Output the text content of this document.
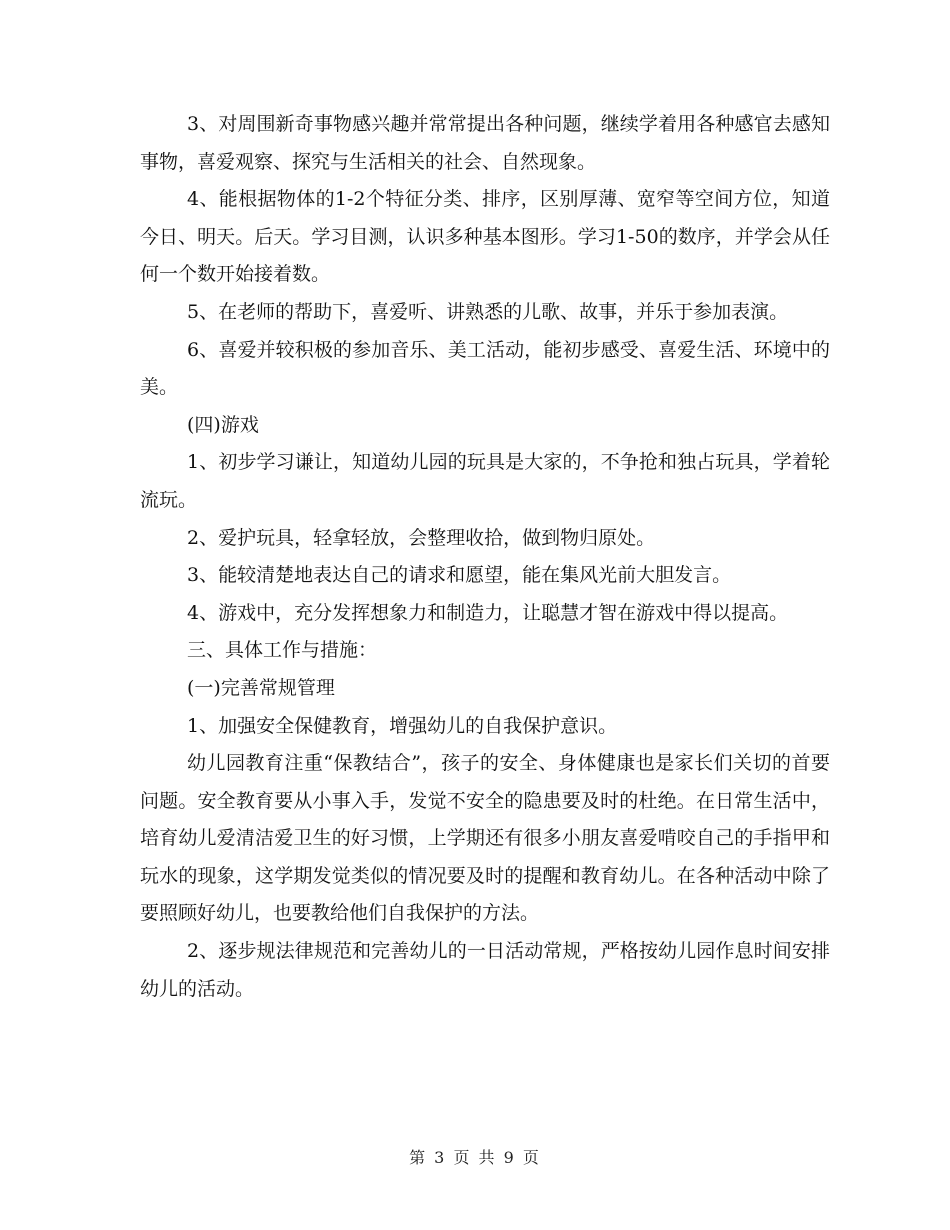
3、对周围新奇事物感兴趣并常常提出各种问题，继续学着用各种感官去感知事物，喜爱观察、探究与生活相关的社会、自然现象。

4、能根据物体的1-2个特征分类、排序，区别厚薄、宽窄等空间方位，知道今日、明天。后天。学习目测，认识多种基本图形。学习1-50的数序，并学会从任何一个数开始接着数。

5、在老师的帮助下，喜爱听、讲熟悉的儿歌、故事，并乐于参加表演。

6、喜爱并较积极的参加音乐、美工活动，能初步感受、喜爱生活、环境中的美。

(四)游戏

1、初步学习谦让，知道幼儿园的玩具是大家的，不争抢和独占玩具，学着轮流玩。

2、爱护玩具，轻拿轻放，会整理收拾，做到物归原处。

3、能较清楚地表达自己的请求和愿望，能在集风光前大胆发言。

4、游戏中，充分发挥想象力和制造力，让聪慧才智在游戏中得以提高。

三、具体工作与措施：

(一)完善常规管理

1、加强安全保健教育，增强幼儿的自我保护意识。

幼儿园教育注重“保教结合”，孩子的安全、身体健康也是家长们关切的首要问题。安全教育要从小事入手，发觉不安全的隐患要及时的杜绝。在日常生活中，培育幼儿爱清洁爱卫生的好习惯，上学期还有很多小朋友喜爱啃咬自己的手指甲和玩水的现象，这学期发觉类似的情况要及时的提醒和教育幼儿。在各种活动中除了要照顾好幼儿，也要教给他们自我保护的方法。

2、逐步规法律规范和完善幼儿的一日活动常规，严格按幼儿园作息时间安排幼儿的活动。

第 3 页 共 9 页
